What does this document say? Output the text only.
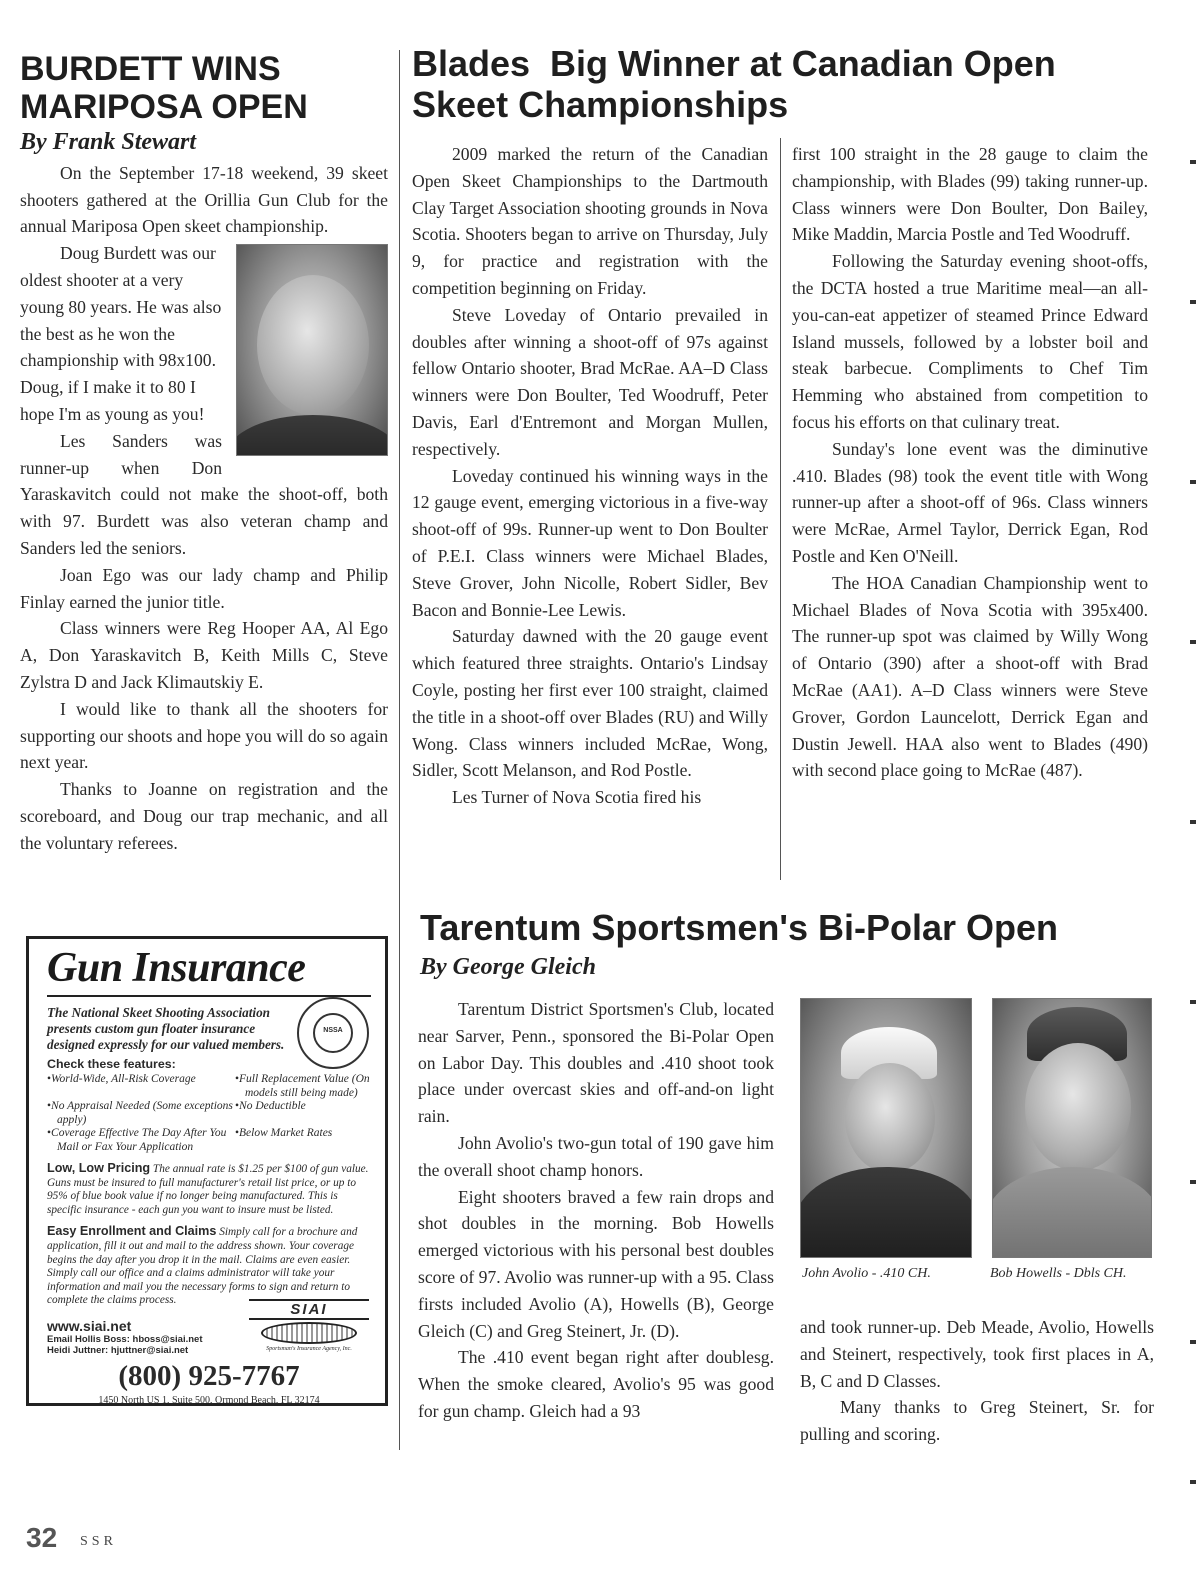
BURDETT WINS
MARIPOSA OPEN
By Frank Stewart

On the September 17-18 weekend, 39 skeet shooters gathered at the Orillia Gun Club for the annual Mariposa Open skeet championship.

Doug Burdett was our oldest shooter at a very young 80 years. He was also the best as he won the championship with 98x100. Doug, if I make it to 80 I hope I'm as young as you!

Les Sanders was runner-up when Don Yaraskavitch could not make the shoot-off, both with 97. Burdett was also veteran champ and Sanders led the seniors.

Joan Ego was our lady champ and Philip Finlay earned the junior title.

Class winners were Reg Hooper AA, Al Ego A, Don Yaraskavitch B, Keith Mills C, Steve Zylstra D and Jack Klimautskiy E.

I would like to thank all the shooters for supporting our shoots and hope you will do so again next year.

Thanks to Joanne on registration and the scoreboard, and Doug our trap mechanic, and all the voluntary referees.

Gun Insurance
NSSA
The National Skeet Shooting Association presents custom gun floater insurance designed expressly for our valued members.
Check these features:
• World-Wide, All-Risk Coverage
•	Full Replacement Value (On models still being made)
• No Appraisal Needed (Some exceptions apply)
• No Deductible
• Coverage Effective The Day After You Mail or Fax Your Application
• Below Market Rates
Low, Low Pricing The annual rate is $1.25 per $100 of gun value. Guns must be insured to full manufacturer's retail list price, or up to 95% of blue book value if no longer being manufactured. This is specific insurance - each gun you want to insure must be listed.
Easy Enrollment and Claims Simply call for a brochure and application, fill it out and mail to the address shown. Your coverage begins the day after you drop it in the mail. Claims are even easier. Simply call our office and a claims administrator will take your information and mail you the necessary forms to sign and return to complete the claims process.
www.siai.net
Email Hollis Boss: hboss@siai.net
Heidi Juttner: hjuttner@siai.net
SIAI
Sportsman's Insurance Agency, Inc.
(800) 925-7767
1450 North US 1, Suite 500, Ormond Beach, FL 32174
Blades  Big Winner at Canadian Open
Skeet Championships

2009 marked the return of the Canadian Open Skeet Championships to the Dartmouth Clay Target Association shooting grounds in Nova Scotia. Shooters began to arrive on Thursday, July 9, for practice and registration with the competition beginning on Friday.

Steve Loveday of Ontario prevailed in doubles after winning a shoot-off of 97s against fellow Ontario shooter, Brad McRae. AA–D Class winners were Don Boulter, Ted Woodruff, Peter Davis, Earl d'Entremont and Morgan Mullen, respectively.

Loveday continued his winning ways in the 12 gauge event, emerging victorious in a five-way shoot-off of 99s. Runner-up went to Don Boulter of P.E.I. Class winners were Michael Blades, Steve Grover, John Nicolle, Robert Sidler, Bev Bacon and Bonnie-Lee Lewis.

Saturday dawned with the 20 gauge event which featured three straights. Ontario's Lindsay Coyle, posting her first ever 100 straight, claimed the title in a shoot-off over Blades (RU) and Willy Wong. Class winners included McRae, Wong, Sidler, Scott Melanson, and Rod Postle.

Les Turner of Nova Scotia fired his

first 100 straight in the 28 gauge to claim the championship, with Blades (99) taking runner-up. Class winners were Don Boulter, Don Bailey, Mike Maddin, Marcia Postle and Ted Woodruff.

Following the Saturday evening shoot-offs, the DCTA hosted a true Maritime meal—an all-you-can-eat appetizer of steamed Prince Edward Island mussels, followed by a lobster boil and steak barbecue. Compliments to Chef Tim Hemming who abstained from competition to focus his efforts on that culinary treat.

Sunday's lone event was the diminutive .410. Blades (98) took the event title with Wong runner-up after a shoot-off of 96s. Class winners were McRae, Armel Taylor, Derrick Egan, Rod Postle and Ken O'Neill.

The HOA Canadian Championship went to Michael Blades of Nova Scotia with 395x400. The runner-up spot was claimed by Willy Wong of Ontario (390) after a shoot-off with Brad McRae (AA1). A–D Class winners were Steve Grover, Gordon Launcelott, Derrick Egan and Dustin Jewell. HAA also went to Blades (490) with second place going to McRae (487).

Tarentum Sportsmen's Bi-Polar Open
By George Gleich

Tarentum District Sportsmen's Club, located near Sarver, Penn., sponsored the Bi-Polar Open on Labor Day. This doubles and .410 shoot took place under overcast skies and off-and-on light rain.

John Avolio's two-gun total of 190 gave him the overall shoot champ honors.

Eight shooters braved a few rain drops and shot doubles in the morning. Bob Howells emerged victorious with his personal best doubles score of 97. Avolio was runner-up with a 95. Class firsts included Avolio (A), Howells (B), George Gleich (C) and Greg Steinert, Jr. (D).

The .410 event began right after doublesg. When the smoke cleared, Avolio's 95 was good for gun champ. Gleich had a 93

John Avolio - .410 CH.	Bob Howells - Dbls CH.

and took runner-up. Deb Meade, Avolio, Howells and Steinert, respectively, took first places in A, B, C and D Classes.

Many thanks to Greg Steinert, Sr. for pulling and scoring.

32 SSR
